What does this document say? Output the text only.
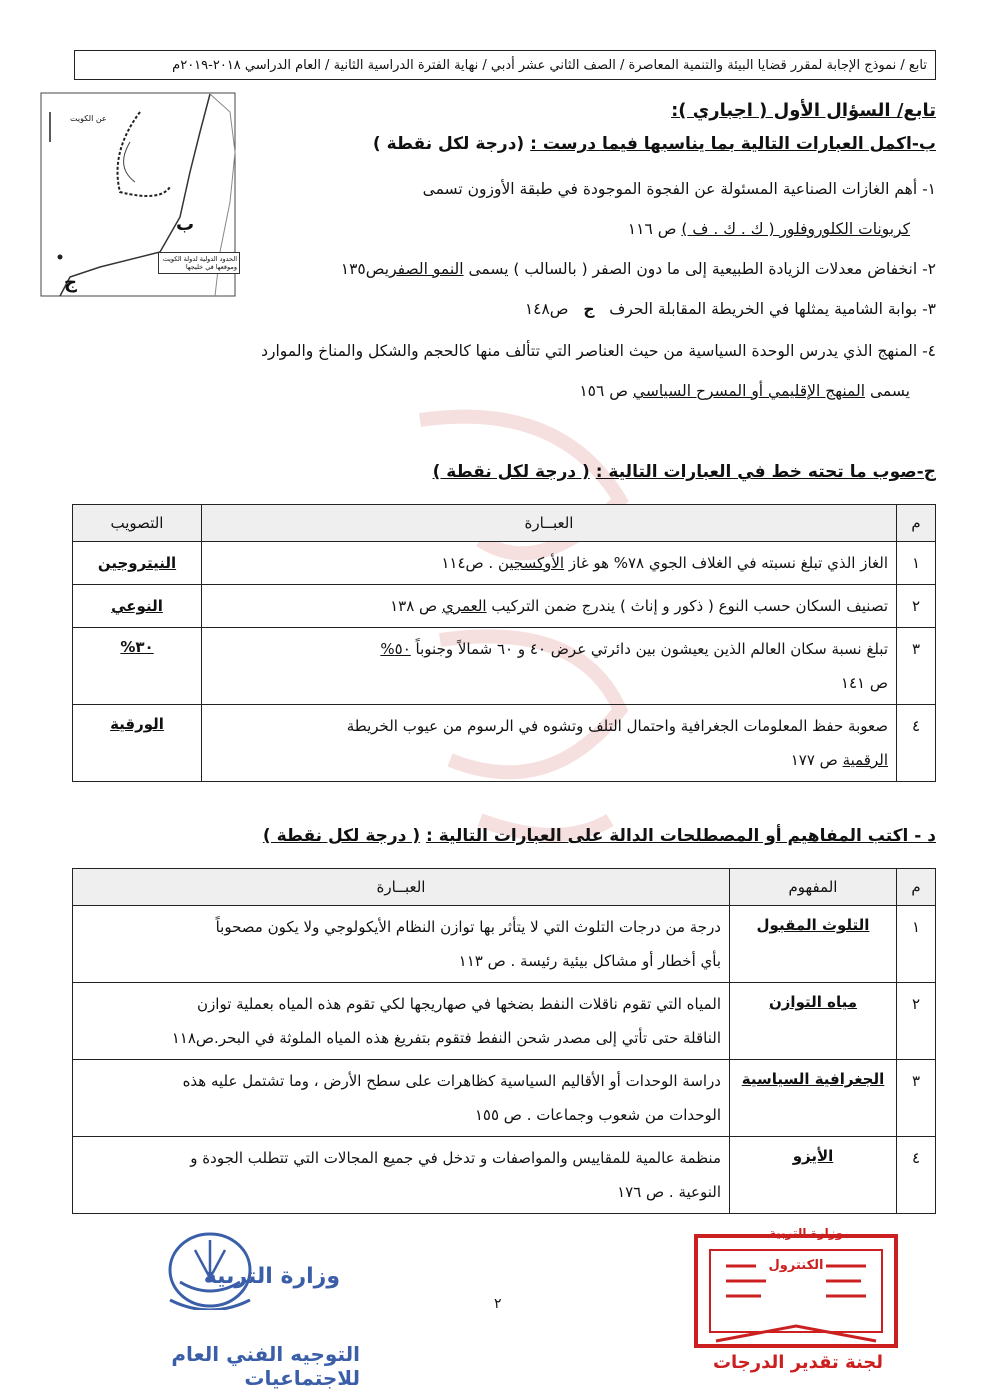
تابع / نموذج الإجابة لمقرر قضايا البيئة والتنمية المعاصرة / الصف الثاني عشر أدبي / نهاية الفترة الدراسية الثانية / العام الدراسي ٢٠١٨-٢٠١٩م
عن الكويت
ب
ج
الحدود الدولية لدولة الكويت وموقعها في خليجها
تابع/ السؤال الأول ( اجباري ):
ب-اكمل العبارات التالية بما يناسبها فيما درست : (درجة لكل نقطة )
١- أهم الغازات الصناعية المسئولة عن الفجوة الموجودة في طبقة الأوزون تسمى
كربونات الكلوروفلور ( ك . ك . ف ) ص ١١٦
٢- انخفاض معدلات الزيادة الطبيعية إلى ما دون الصفر ( بالسالب ) يسمى النمو الصفريص١٣٥
٣- بوابة الشامية يمثلها في الخريطة المقابلة الحرف   ج   ص١٤٨
٤- المنهج الذي يدرس الوحدة السياسية من حيث العناصر التي تتألف منها كالحجم والشكل والمناخ والموارد
يسمى المنهج الإقليمي أو المسرح السياسي ص ١٥٦
ج-صوب ما تحته خط في العبارات التالية : ( درجة لكل نقطة )
م	العبــارة	التصويب
١	الغاز الذي تبلغ نسبته في الغلاف الجوي ٧٨% هو غاز الأوكسجين . ص١١٤	النيتروجين
٢	تصنيف السكان حسب النوع ( ذكور و إناث ) يندرج ضمن التركيب العمري ص ١٣٨	النوعي
٣	تبلغ نسبة سكان العالم الذين يعيشون بين دائرتي عرض ٤٠ و ٦٠ شمالاً وجنوباً ٥٠%
ص ١٤١	٣٠%
٤	صعوبة حفظ المعلومات الجغرافية واحتمال التلف وتشوه في الرسوم من عيوب الخريطة
الرقمية ص ١٧٧	الورقية
د - اكتب المفاهيم أو المصطلحات الدالة على العبارات التالية : ( درجة لكل نقطة )
م	المفهوم	العبــارة
١	التلوث المقبول	درجة من درجات التلوث التي لا يتأثر بها توازن النظام الأيكولوجي ولا يكون مصحوباً
بأي أخطار أو مشاكل بيئية رئيسة . ص ١١٣
٢	مياه التوازن	المياه التي تقوم ناقلات النفط بضخها في صهاريجها لكي تقوم هذه المياه بعملية توازن
الناقلة حتى تأتي إلى مصدر شحن النفط فتقوم بتفريغ هذه المياه الملوثة في البحر.ص١١٨
٣	الجغرافية السياسية	دراسة الوحدات أو الأقاليم السياسية كظاهرات على سطح الأرض ، وما تشتمل عليه هذه
الوحدات من شعوب وجماعات . ص ١٥٥
٤	الأيزو	منظمة عالمية للمقاييس والمواصفات و تدخل في جميع المجالات التي تتطلب الجودة و
النوعية . ص ١٧٦
وزارة التربية
التوجيه الفني العام للاجتماعيات
٢
وزارة التربية
الكنترول
لجنة تقدير الدرجات
